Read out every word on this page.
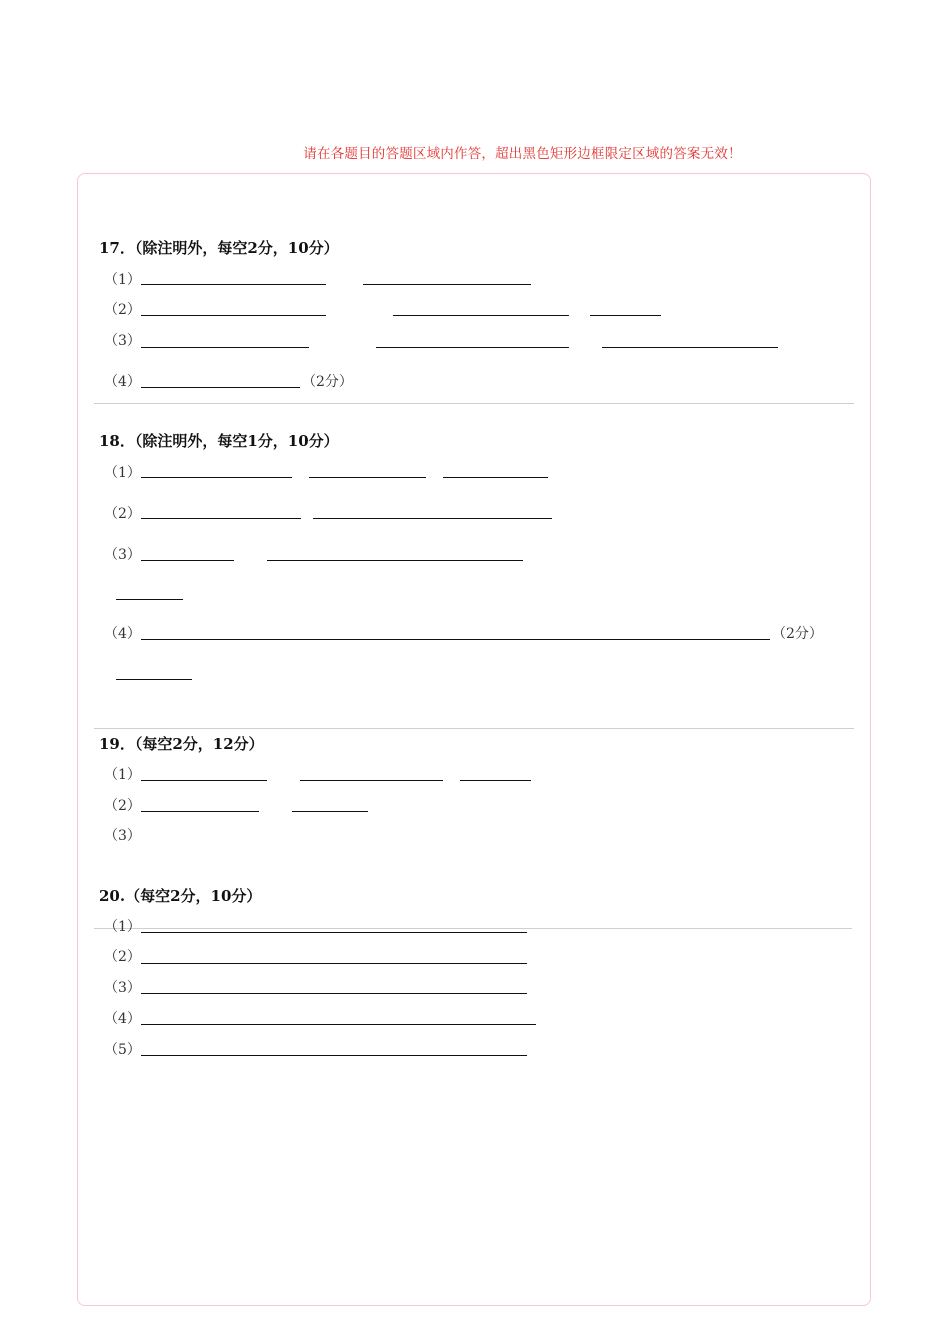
请在各题目的答题区域内作答，超出黑色矩形边框限定区域的答案无效！
17．（除注明外，每空2分，10分）
（1）
（2）
（3）
（4）	（2分）
18．（除注明外，每空1分，10分）
（1）
（2）
（3）
（4）	（2分）
19．（每空2分，12分）
（1）
（2）
（3）
20.（每空2分，10分）
（1）
（2）
（3）
（4）
（5）
